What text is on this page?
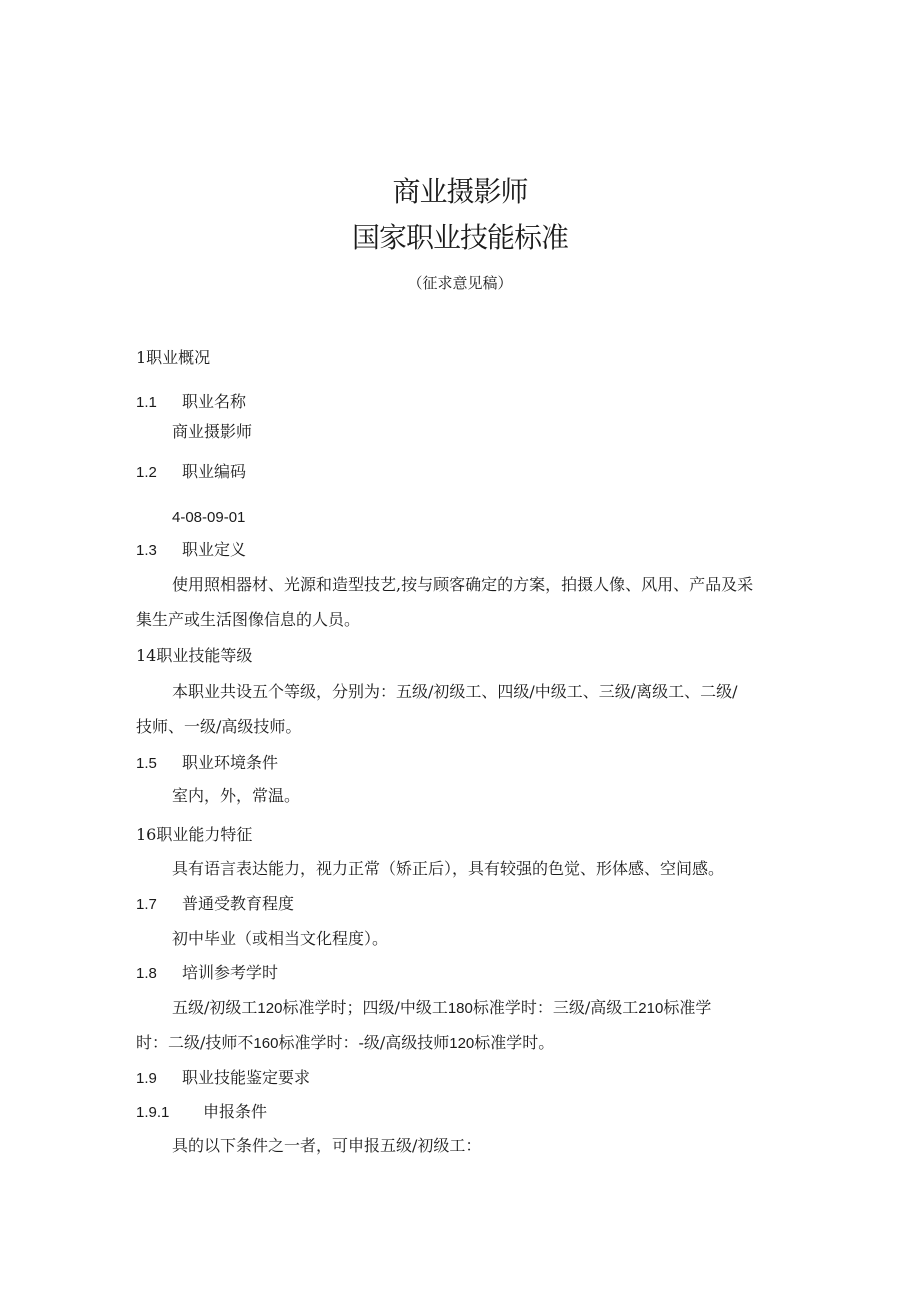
商业摄影师
国家职业技能标准
（征求意见稿）
1职业概况
1.1 职业名称
商业摄影师
1.2 职业编码
4-08-09-01
1.3 职业定义
使用照相器材、光源和造型技艺,按与顾客确定的方案，拍摄人像、风用、产品及采
集生产或生活图像信息的人员。
14职业技能等级
本职业共设五个等级，分别为：五级/初级工、四级/中级工、三级/离级工、二级/
技师、一级/高级技师。
1.5 职业环境条件
室内，外，常温。
16职业能力特征
具有语言表达能力，视力正常（矫正后），具有较强的色觉、形体感、空间感。
1.7 普通受教育程度
初中毕业（或相当文化程度）。
1.8 培训参考学时
五级/初级工120标准学时；四级/中级工180标准学时：三级/高级工210标准学
时：二级/技师不160标准学时：-级/高级技师120标准学时。
1.9 职业技能鉴定要求
1.9.1 申报条件
具的以下条件之一者，可申报五级/初级工：
